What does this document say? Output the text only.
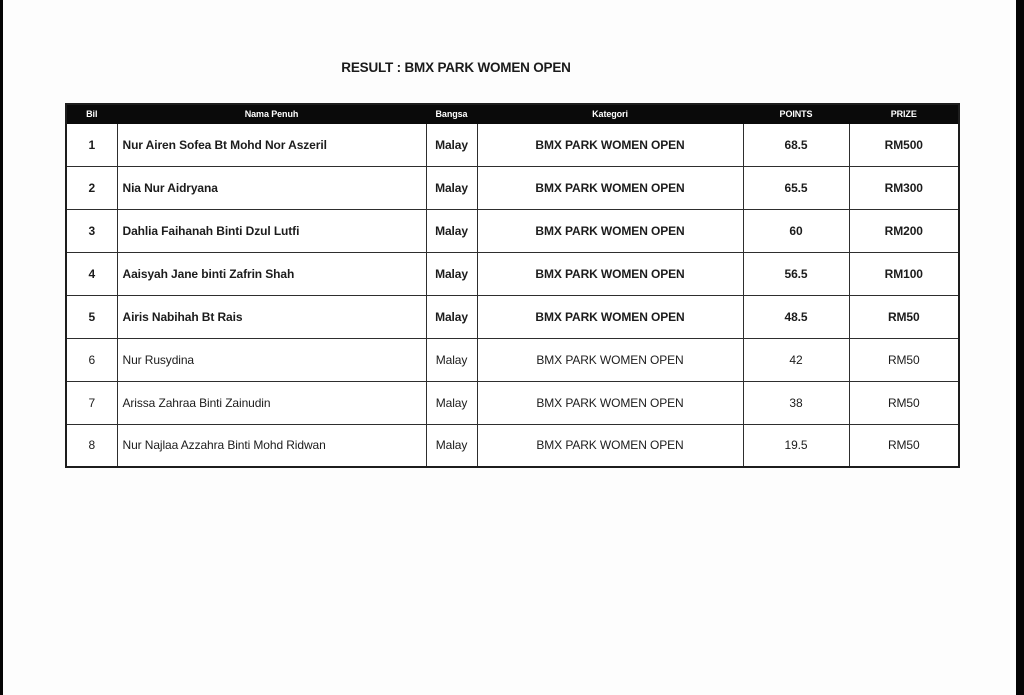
RESULT : BMX PARK WOMEN OPEN
Bil	Nama Penuh	Bangsa	Kategori	POINTS	PRIZE
1	Nur Airen Sofea Bt Mohd Nor Aszeril	Malay	BMX PARK WOMEN OPEN	68.5	RM500
2	Nia Nur Aidryana	Malay	BMX PARK WOMEN OPEN	65.5	RM300
3	Dahlia Faihanah Binti Dzul Lutfi	Malay	BMX PARK WOMEN OPEN	60	RM200
4	Aaisyah Jane binti Zafrin Shah	Malay	BMX PARK WOMEN OPEN	56.5	RM100
5	Airis Nabihah Bt Rais	Malay	BMX PARK WOMEN OPEN	48.5	RM50
6	Nur Rusydina	Malay	BMX PARK WOMEN OPEN	42	RM50
7	Arissa Zahraa Binti Zainudin	Malay	BMX PARK WOMEN OPEN	38	RM50
8	Nur Najlaa Azzahra Binti Mohd Ridwan	Malay	BMX PARK WOMEN OPEN	19.5	RM50
